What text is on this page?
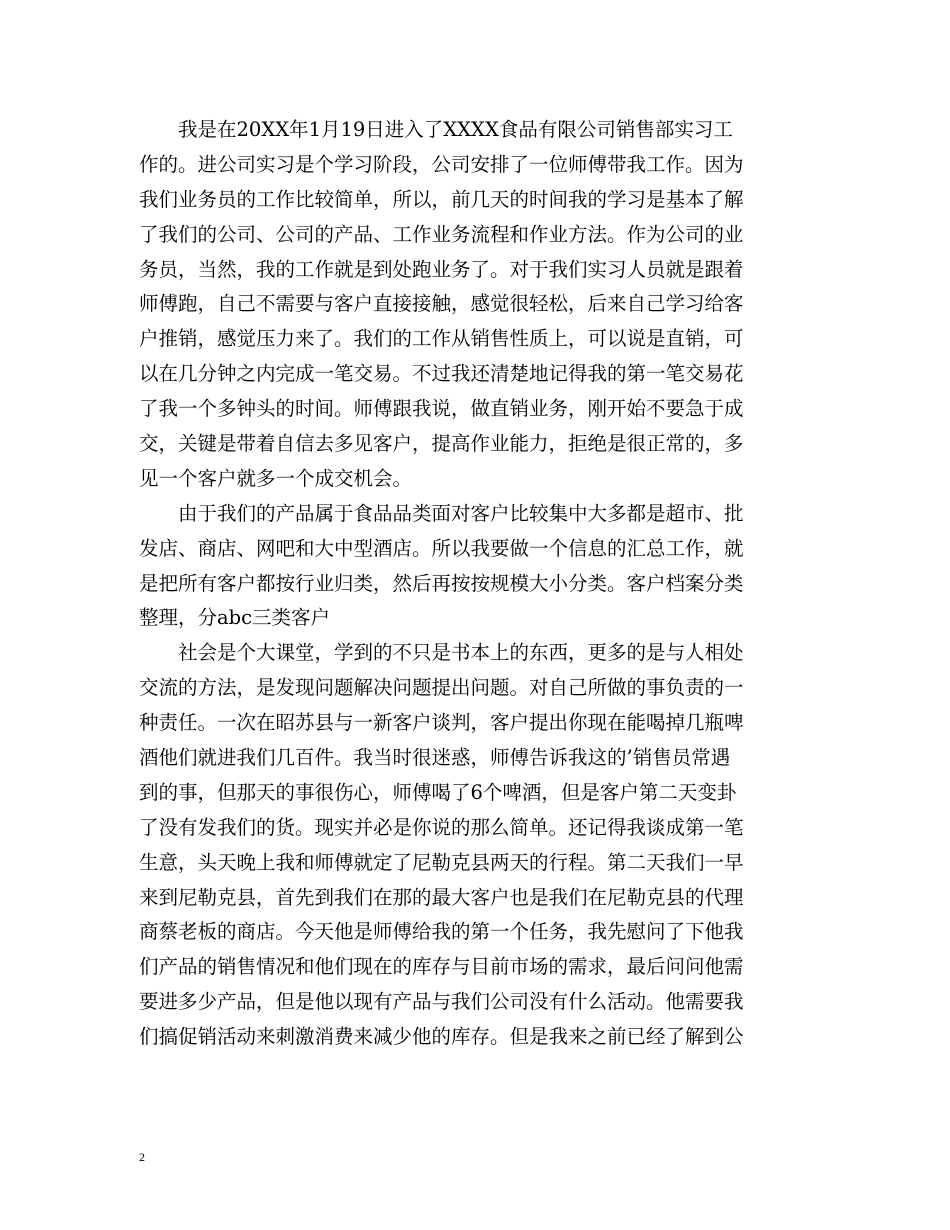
我是在20XX年1月19日进入了XXXX食品有限公司销售部实习工
作的。进公司实习是个学习阶段，公司安排了一位师傅带我工作。因为
我们业务员的工作比较简单，所以，前几天的时间我的学习是基本了解
了我们的公司、公司的产品、工作业务流程和作业方法。作为公司的业
务员，当然，我的工作就是到处跑业务了。对于我们实习人员就是跟着
师傅跑，自己不需要与客户直接接触，感觉很轻松，后来自己学习给客
户推销，感觉压力来了。我们的工作从销售性质上，可以说是直销，可
以在几分钟之内完成一笔交易。不过我还清楚地记得我的第一笔交易花
了我一个多钟头的时间。师傅跟我说，做直销业务，刚开始不要急于成
交，关键是带着自信去多见客户，提高作业能力，拒绝是很正常的，多
见一个客户就多一个成交机会。
由于我们的产品属于食品品类面对客户比较集中大多都是超市、批
发店、商店、网吧和大中型酒店。所以我要做一个信息的汇总工作，就
是把所有客户都按行业归类，然后再按按规模大小分类。客户档案分类
整理，分abc三类客户
社会是个大课堂，学到的不只是书本上的东西，更多的是与人相处
交流的方法，是发现问题解决问题提出问题。对自己所做的事负责的一
种责任。一次在昭苏县与一新客户谈判，客户提出你现在能喝掉几瓶啤
酒他们就进我们几百件。我当时很迷惑，师傅告诉我这的’销售员常遇
到的事，但那天的事很伤心，师傅喝了6个啤酒，但是客户第二天变卦
了没有发我们的货。现实并必是你说的那么简单。还记得我谈成第一笔
生意，头天晚上我和师傅就定了尼勒克县两天的行程。第二天我们一早
来到尼勒克县，首先到我们在那的最大客户也是我们在尼勒克县的代理
商蔡老板的商店。今天他是师傅给我的第一个任务，我先慰问了下他我
们产品的销售情况和他们现在的库存与目前市场的需求，最后问问他需
要进多少产品，但是他以现有产品与我们公司没有什么活动。他需要我
们搞促销活动来刺激消费来减少他的库存。但是我来之前已经了解到公
2
